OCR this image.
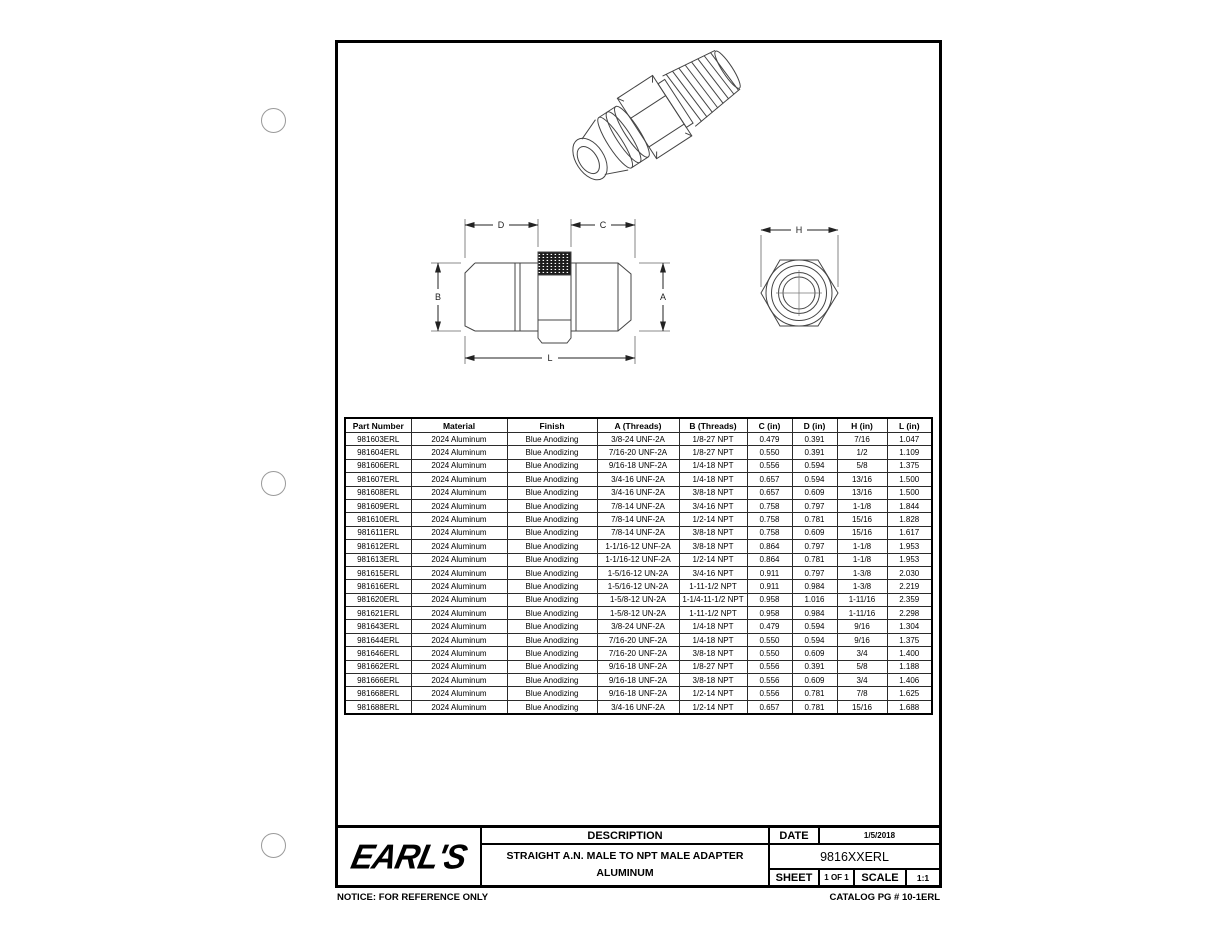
D	C
B	A
L
H
Part Number	Material	Finish	A (Threads)	B (Threads)	C (in)	D (in)	H (in)	L (in)
981603ERL	2024 Aluminum	Blue Anodizing	3/8-24 UNF-2A	1/8-27 NPT	0.479	0.391	7/16	1.047
981604ERL	2024 Aluminum	Blue Anodizing	7/16-20 UNF-2A	1/8-27 NPT	0.550	0.391	1/2	1.109
981606ERL	2024 Aluminum	Blue Anodizing	9/16-18 UNF-2A	1/4-18 NPT	0.556	0.594	5/8	1.375
981607ERL	2024 Aluminum	Blue Anodizing	3/4-16 UNF-2A	1/4-18 NPT	0.657	0.594	13/16	1.500
981608ERL	2024 Aluminum	Blue Anodizing	3/4-16 UNF-2A	3/8-18 NPT	0.657	0.609	13/16	1.500
981609ERL	2024 Aluminum	Blue Anodizing	7/8-14 UNF-2A	3/4-16 NPT	0.758	0.797	1-1/8	1.844
981610ERL	2024 Aluminum	Blue Anodizing	7/8-14 UNF-2A	1/2-14 NPT	0.758	0.781	15/16	1.828
981611ERL	2024 Aluminum	Blue Anodizing	7/8-14 UNF-2A	3/8-18 NPT	0.758	0.609	15/16	1.617
981612ERL	2024 Aluminum	Blue Anodizing	1-1/16-12 UNF-2A	3/8-18 NPT	0.864	0.797	1-1/8	1.953
981613ERL	2024 Aluminum	Blue Anodizing	1-1/16-12 UNF-2A	1/2-14 NPT	0.864	0.781	1-1/8	1.953
981615ERL	2024 Aluminum	Blue Anodizing	1-5/16-12 UN-2A	3/4-16 NPT	0.911	0.797	1-3/8	2.030
981616ERL	2024 Aluminum	Blue Anodizing	1-5/16-12 UN-2A	1-11-1/2 NPT	0.911	0.984	1-3/8	2.219
981620ERL	2024 Aluminum	Blue Anodizing	1-5/8-12 UN-2A	1-1/4-11-1/2 NPT	0.958	1.016	1-11/16	2.359
981621ERL	2024 Aluminum	Blue Anodizing	1-5/8-12 UN-2A	1-11-1/2 NPT	0.958	0.984	1-11/16	2.298
981643ERL	2024 Aluminum	Blue Anodizing	3/8-24 UNF-2A	1/4-18 NPT	0.479	0.594	9/16	1.304
981644ERL	2024 Aluminum	Blue Anodizing	7/16-20 UNF-2A	1/4-18 NPT	0.550	0.594	9/16	1.375
981646ERL	2024 Aluminum	Blue Anodizing	7/16-20 UNF-2A	3/8-18 NPT	0.550	0.609	3/4	1.400
981662ERL	2024 Aluminum	Blue Anodizing	9/16-18 UNF-2A	1/8-27 NPT	0.556	0.391	5/8	1.188
981666ERL	2024 Aluminum	Blue Anodizing	9/16-18 UNF-2A	3/8-18 NPT	0.556	0.609	3/4	1.406
981668ERL	2024 Aluminum	Blue Anodizing	9/16-18 UNF-2A	1/2-14 NPT	0.556	0.781	7/8	1.625
981688ERL	2024 Aluminum	Blue Anodizing	3/4-16 UNF-2A	1/2-14 NPT	0.657	0.781	15/16	1.688
EARL'S
DESCRIPTION
STRAIGHT A.N. MALE TO NPT MALE ADAPTER
ALUMINUM
DATE	1/5/2018
9816XXERL
SHEET	1 OF 1	SCALE	1:1
NOTICE: FOR REFERENCE ONLY	CATALOG PG # 10-1ERL
